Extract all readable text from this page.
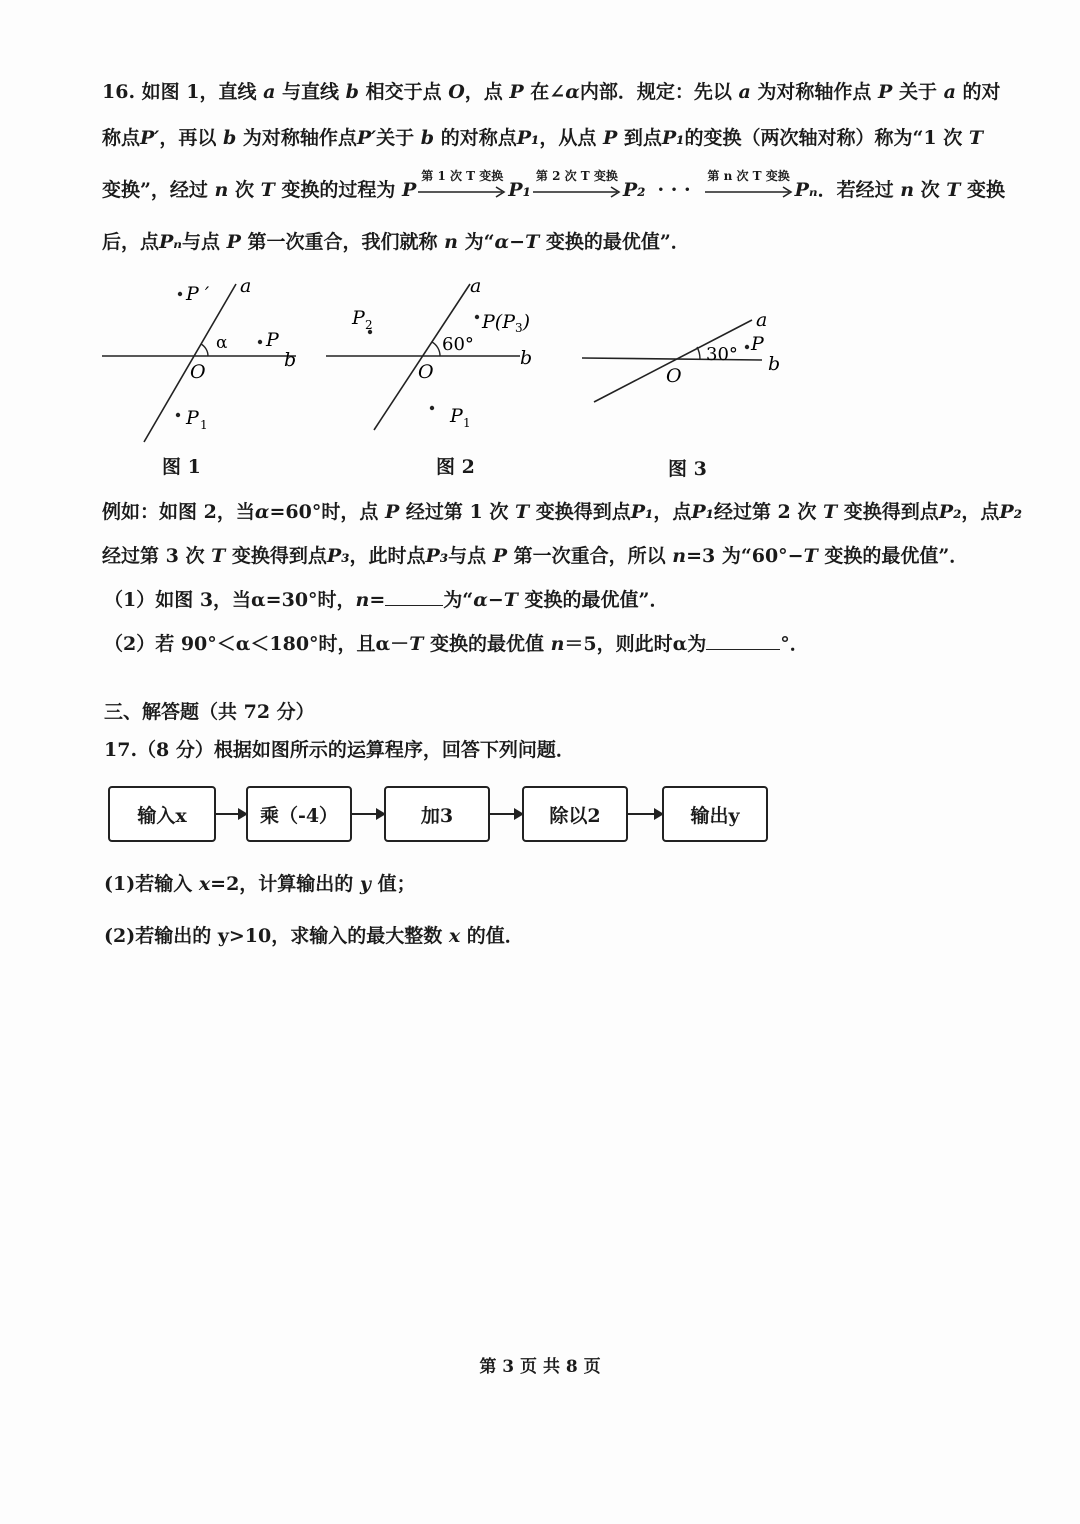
16. 如图 1，直线 a 与直线 b 相交于点 O，点 P 在∠α内部．规定：先以 a 为对称轴作点 P 关于 a 的对
称点P′，再以 b 为对称轴作点P′关于 b 的对称点P₁，从点 P 到点P₁的变换（两次轴对称）称为“1 次 T
变换”，经过 n 次 T 变换的过程为 P
第 1 次 T 变换
P₁
第 2 次 T 变换
P₂ · · ·
第 n 次 T 变换
Pₙ．若经过 n 次 T 变换
后，点Pₙ与点 P 第一次重合，我们就称 n 为“α−T 变换的最优值”．
P ′ a
α P
b
O
P 1
图 1
P 2
a
$P(P_3)$
60°
b
O
P 1
图 2
a
30° P
b
O
图 3
例如：如图 2，当α=60°时，点 P 经过第 1 次 T 变换得到点P₁，点P₁经过第 2 次 T 变换得到点P₂，点P₂
经过第 3 次 T 变换得到点P₃，此时点P₃与点 P 第一次重合，所以 n=3 为“60°−T 变换的最优值”．
（1）如图 3，当α=30°时，n=	为“α−T 变换的最优值”．
（2）若 90°＜α＜180°时，且α－T 变换的最优值 n＝5，则此时α为	°．
三、解答题（共 72 分）
17.（8 分）根据如图所示的运算程序，回答下列问题．
输入x	乘（-4）	加3	除以2	输出y
(1)若输入 x=2，计算输出的 y 值；
(2)若输出的 y>10，求输入的最大整数 x 的值．
第 3 页 共 8 页
